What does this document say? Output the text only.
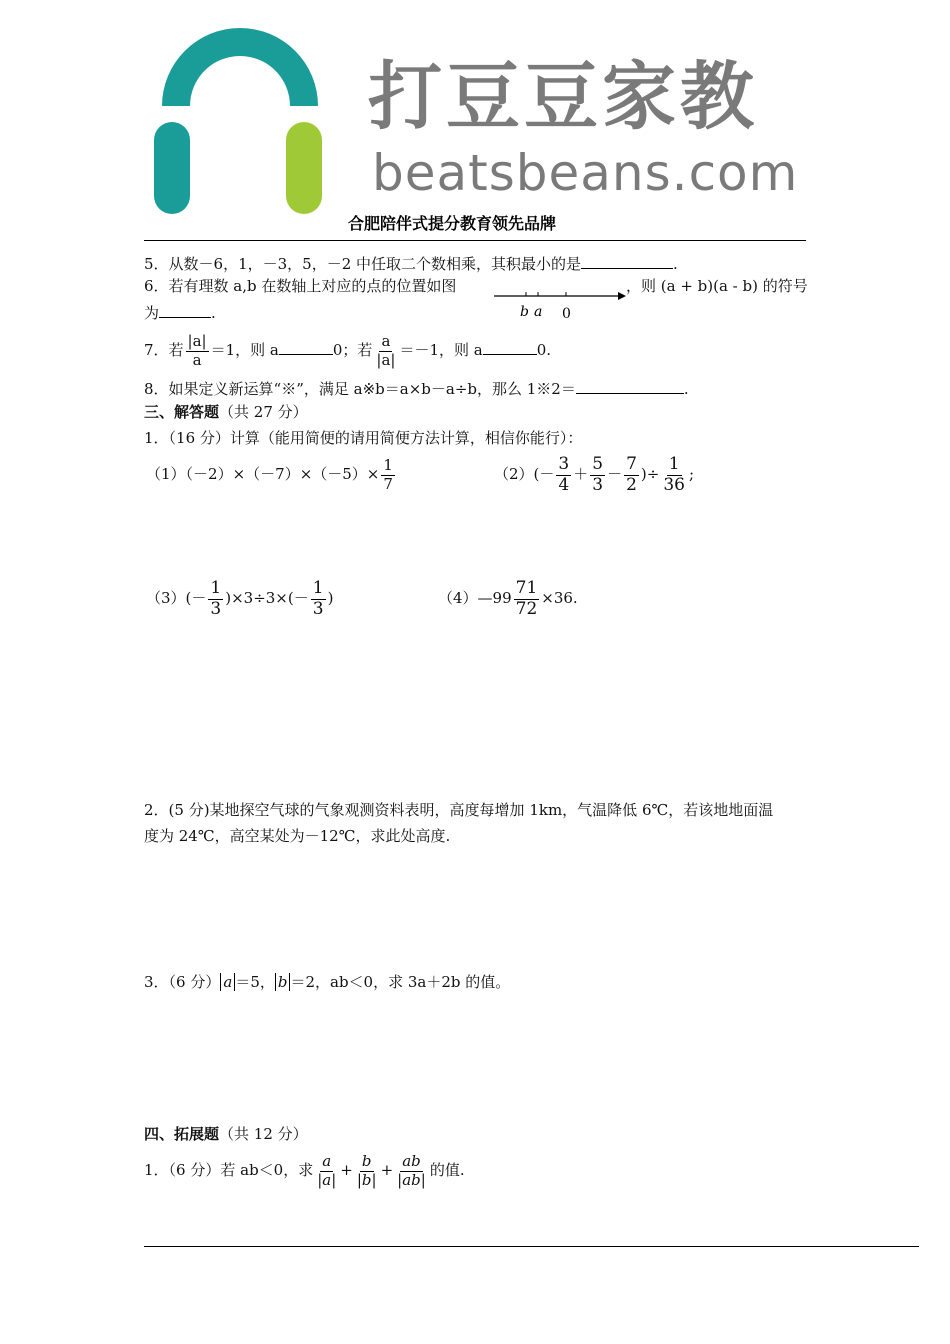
打豆豆家教
beatsbeans.com
合肥陪伴式提分教育领先品牌
5．从数－6，1，－3，5，－2 中任取二个数相乘，其积最小的是	.
6．若有理数 a,b 在数轴上对应的点的位置如图
b a 0
，则 (a + b)(a - b) 的符号
为	.
7．若 $\frac{|a|}{a} =1$，则 a	0；若 $\frac{a}{|a|} =-1$，则 a	0.
8．如果定义新运算“※”，满足 a※b＝a×b－a÷b，那么 1※2＝	.
三、解答题（共 27 分）
1．（16 分）计算（能用简便的请用简便方法计算，相信你能行）：
$(1)(-2)\times(-7)\times(-5)\times \frac{1}{7}$	$(2)(- \frac{3}{4} + \frac{5}{3} - \frac{7}{2}$ )÷ $\frac{1}{36}$ ;
$(3)(- \frac{1}{3} )\times 3\div 3\times(- \frac{1}{3}$ )	（4）—99 $\frac{71}{72} \times 36$.
2．(5 分)某地探空气球的气象观测资料表明，高度每增加 1km，气温降低 6℃，若该地地面温
度为 24℃，高空某处为－12℃，求此处高度.
3．（6 分） a ＝5， b ＝2，ab＜0，求 3a＋2b 的值。
四、拓展题（共 12 分）
1．（6 分）若 ab＜0，求 $\frac{a}{|a|} + \frac{b}{|b|} + \frac{ab}{|ab|}$ 的值.
